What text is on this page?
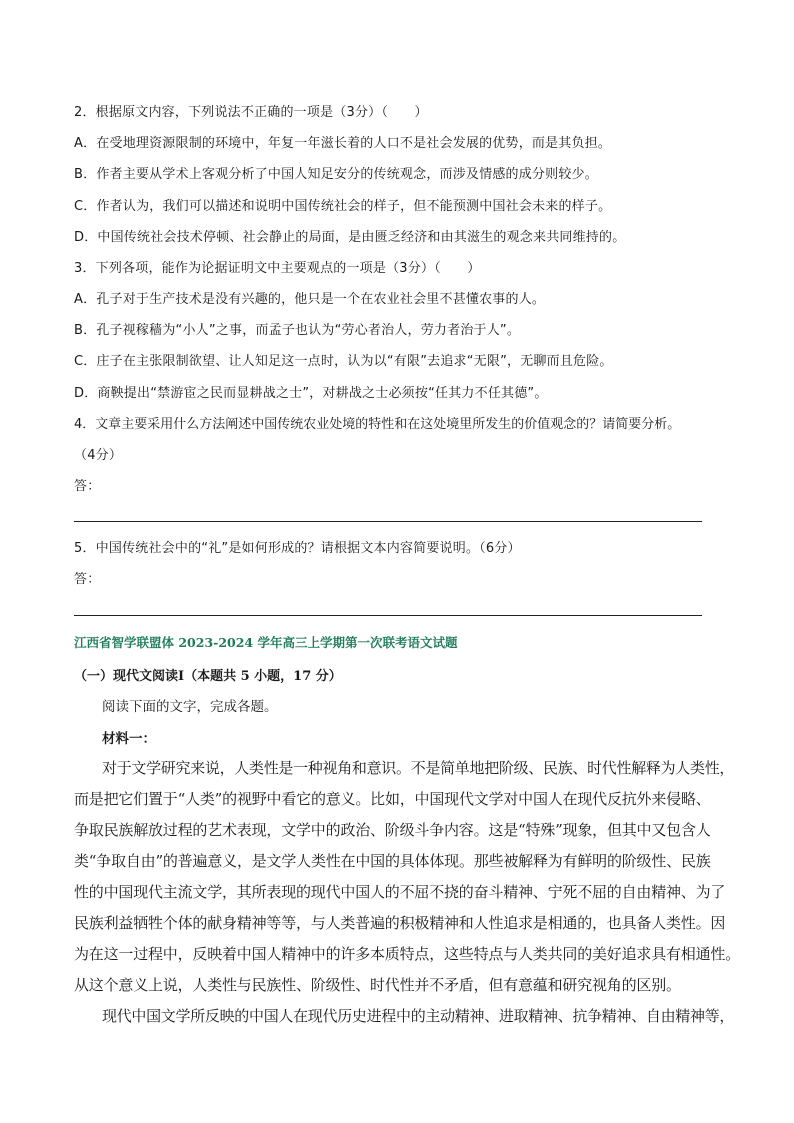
2．根据原文内容，下列说法不正确的一项是（3分）（　　）
A．在受地理资源限制的环境中，年复一年滋长着的人口不是社会发展的优势，而是其负担。
B．作者主要从学术上客观分析了中国人知足安分的传统观念，而涉及情感的成分则较少。
C．作者认为，我们可以描述和说明中国传统社会的样子，但不能预测中国社会未来的样子。
D．中国传统社会技术停顿、社会静止的局面，是由匮乏经济和由其滋生的观念来共同维持的。
3．下列各项，能作为论据证明文中主要观点的一项是（3分）（　　）
A．孔子对于生产技术是没有兴趣的，他只是一个在农业社会里不甚懂农事的人。
B．孔子视稼穑为“小人”之事，而孟子也认为“劳心者治人，劳力者治于人”。
C．庄子在主张限制欲望、让人知足这一点时，认为以“有限”去追求“无限”，无聊而且危险。
D．商鞅提出“禁游宦之民而显耕战之士”，对耕战之士必须按“任其力不任其德”。
4．文章主要采用什么方法阐述中国传统农业处境的特性和在这处境里所发生的价值观念的？请简要分析。
（4分）
答：
5．中国传统社会中的“礼”是如何形成的？请根据文本内容简要说明。（6分）
答：
江西省智学联盟体 2023-2024 学年高三上学期第一次联考语文试题
（一）现代文阅读Ⅰ（本题共 5 小题，17 分）
阅读下面的文字，完成各题。
材料一：
对于文学研究来说，人类性是一种视角和意识。不是简单地把阶级、民族、时代性解释为人类性，
而是把它们置于“人类”的视野中看它的意义。比如，中国现代文学对中国人在现代反抗外来侵略、
争取民族解放过程的艺术表现，文学中的政治、阶级斗争内容。这是“特殊”现象，但其中又包含人
类“争取自由”的普遍意义，是文学人类性在中国的具体体现。那些被解释为有鲜明的阶级性、民族
性的中国现代主流文学，其所表现的现代中国人的不屈不挠的奋斗精神、宁死不屈的自由精神、为了
民族利益牺牲个体的献身精神等等，与人类普遍的积极精神和人性追求是相通的，也具备人类性。因
为在这一过程中，反映着中国人精神中的许多本质特点，这些特点与人类共同的美好追求具有相通性。
从这个意义上说，人类性与民族性、阶级性、时代性并不矛盾，但有意蕴和研究视角的区别。
现代中国文学所反映的中国人在现代历史进程中的主动精神、进取精神、抗争精神、自由精神等，
